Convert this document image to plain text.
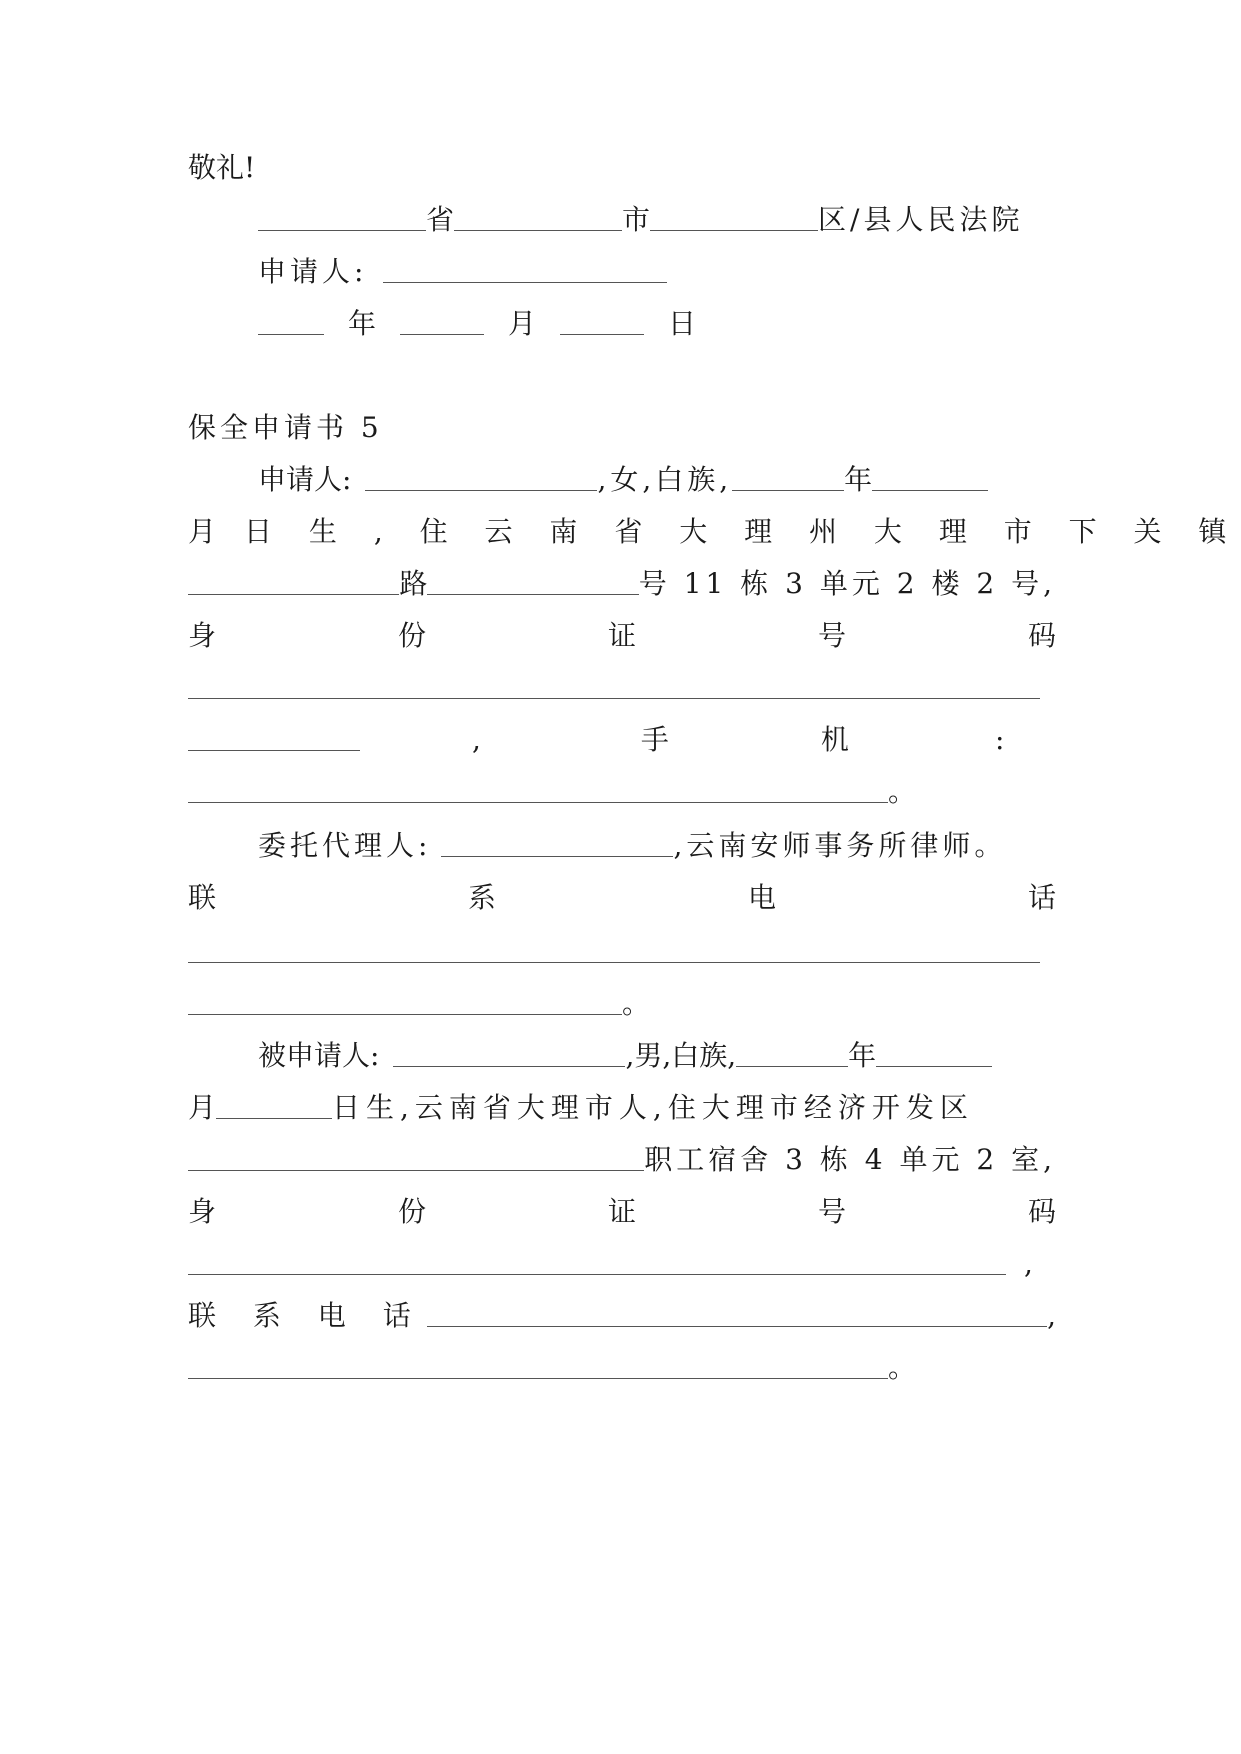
敬礼!
省	市	区/县人民法院
申请人:
年	月	日
保全申请书 5
申请人:	,女,白族,	年
月 日 生 , 住 云 南 省 大 理 州 大 理 市 下 关 镇
路	号 11 栋 3 单元 2 楼 2 号,
身	份	证	号	码
,	手	机	:
。
委托代理人:	,云南安师事务所律师。
联	系	电	话
。
被申请人:	,男,白族,	年
月	日生,云南省大理市人,住大理市经济开发区
职工宿舍 3 栋 4 单元 2 室,
身	份	证	号	码
,
联 系 电 话	,
。
